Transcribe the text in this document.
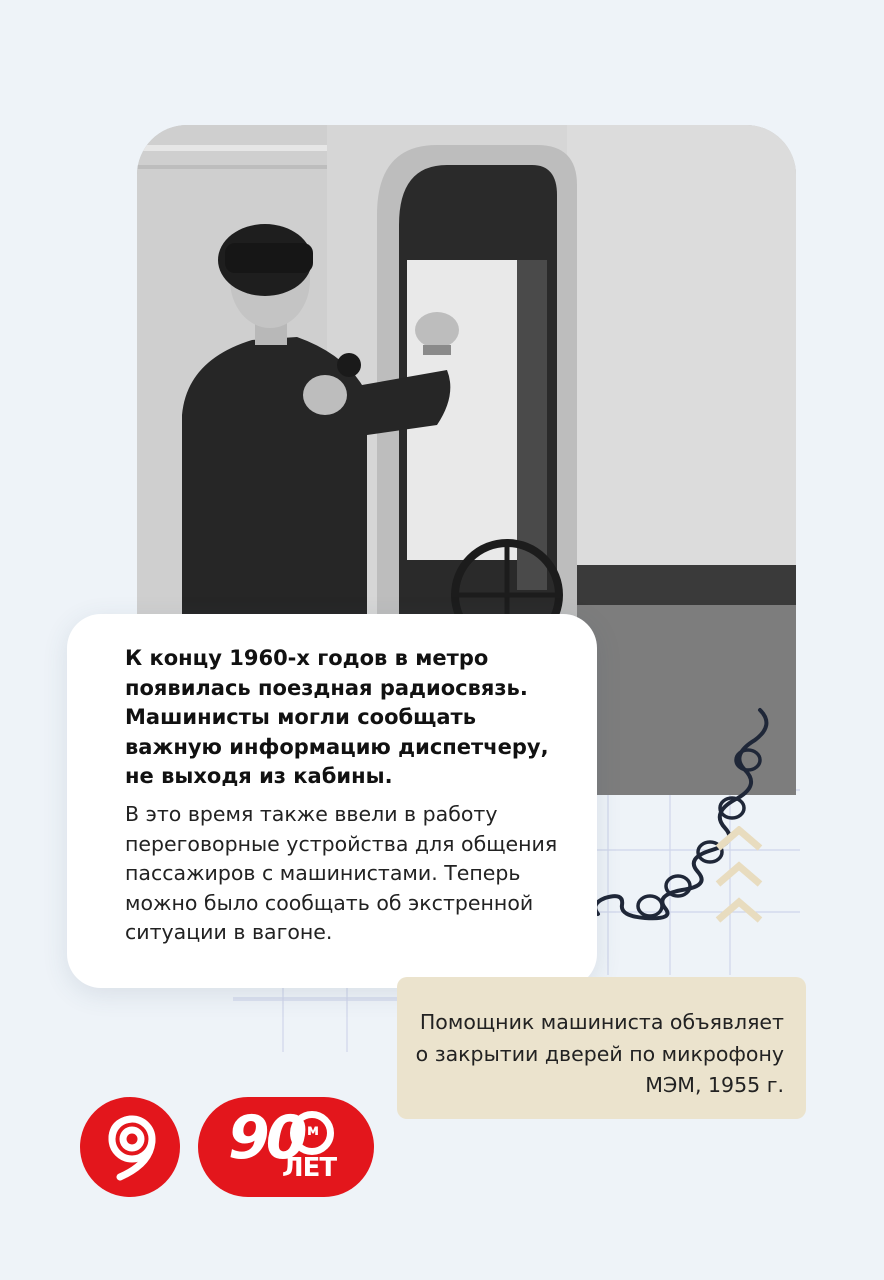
К концу 1960-х годов в метро появилась поездная радиосвязь. Машинисты могли сообщать важную информацию диспетчеру, не выходя из кабины.

В это время также ввели в работу переговорные устройства для общения пассажиров с машинистами. Теперь можно было сообщать об экстренной ситуации в вагоне.

Помощник машиниста объявляет о закрытии дверей по микрофону МЭМ, 1955 г.

90 м
ЛЕТ
